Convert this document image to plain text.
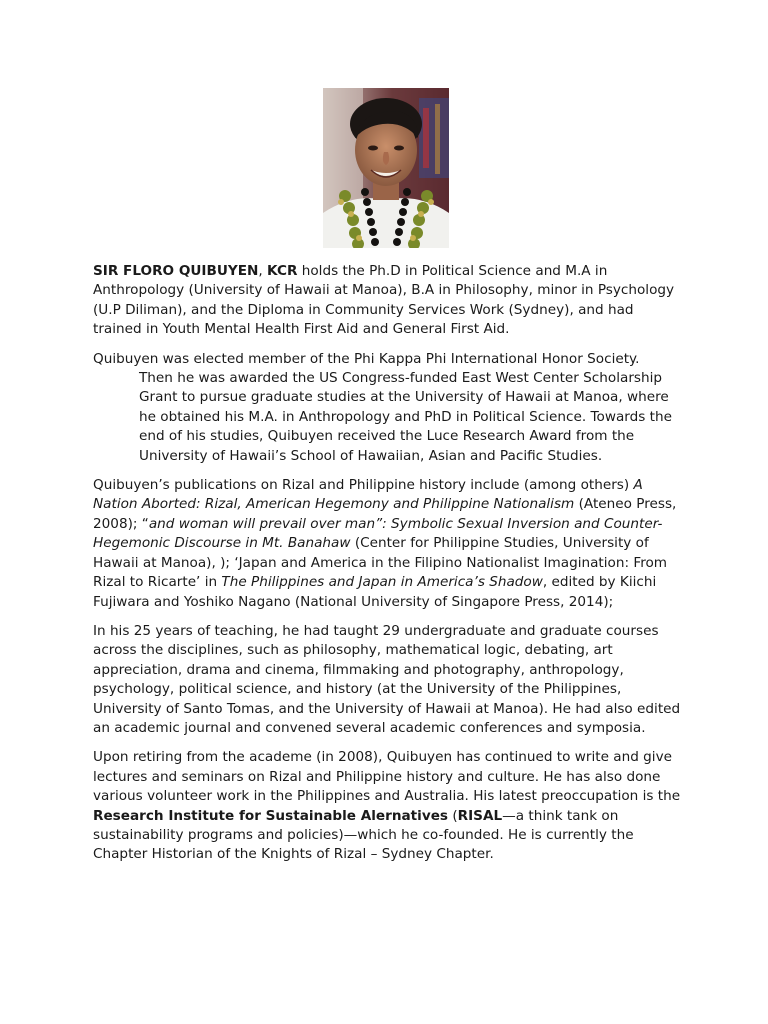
SIR FLORO QUIBUYEN, KCR holds the Ph.D in Political Science and M.A in Anthropology (University of Hawaii at Manoa), B.A in Philosophy, minor in Psychology (U.P Diliman), and the Diploma in Community Services Work (Sydney), and had trained in Youth Mental Health First Aid and General First Aid.

Quibuyen was elected member of the Phi Kappa Phi International Honor Society.
Then he was awarded the US Congress-funded East West Center Scholarship Grant to pursue graduate studies at the University of Hawaii at Manoa, where he obtained his M.A. in Anthropology and PhD in Political Science. Towards the end of his studies, Quibuyen received the Luce Research Award from the University of Hawaii’s School of Hawaiian, Asian and Pacific Studies.

Quibuyen’s publications on Rizal and Philippine history include (among others) A Nation Aborted: Rizal, American Hegemony and Philippine Nationalism (Ateneo Press, 2008); “and woman will prevail over man”: Symbolic Sexual Inversion and Counter-Hegemonic Discourse in Mt. Banahaw (Center for Philippine Studies, University of Hawaii at Manoa), ); ‘Japan and America in the Filipino Nationalist Imagination: From Rizal to Ricarte’ in The Philippines and Japan in America’s Shadow, edited by Kiichi Fujiwara and Yoshiko Nagano (National University of Singapore Press, 2014);

In his 25 years of teaching, he had taught 29 undergraduate and graduate courses across the disciplines, such as philosophy, mathematical logic, debating, art appreciation, drama and cinema, filmmaking and photography, anthropology, psychology, political science, and history (at the University of the Philippines, University of Santo Tomas, and the University of Hawaii at Manoa). He had also edited an academic journal and convened several academic conferences and symposia.

Upon retiring from the academe (in 2008), Quibuyen has continued to write and give lectures and seminars on Rizal and Philippine history and culture. He has also done various volunteer work in the Philippines and Australia. His latest preoccupation is the Research Institute for Sustainable Alernatives (RISAL—a think tank on sustainability programs and policies)—which he co-founded. He is currently the Chapter Historian of the Knights of Rizal – Sydney Chapter.
